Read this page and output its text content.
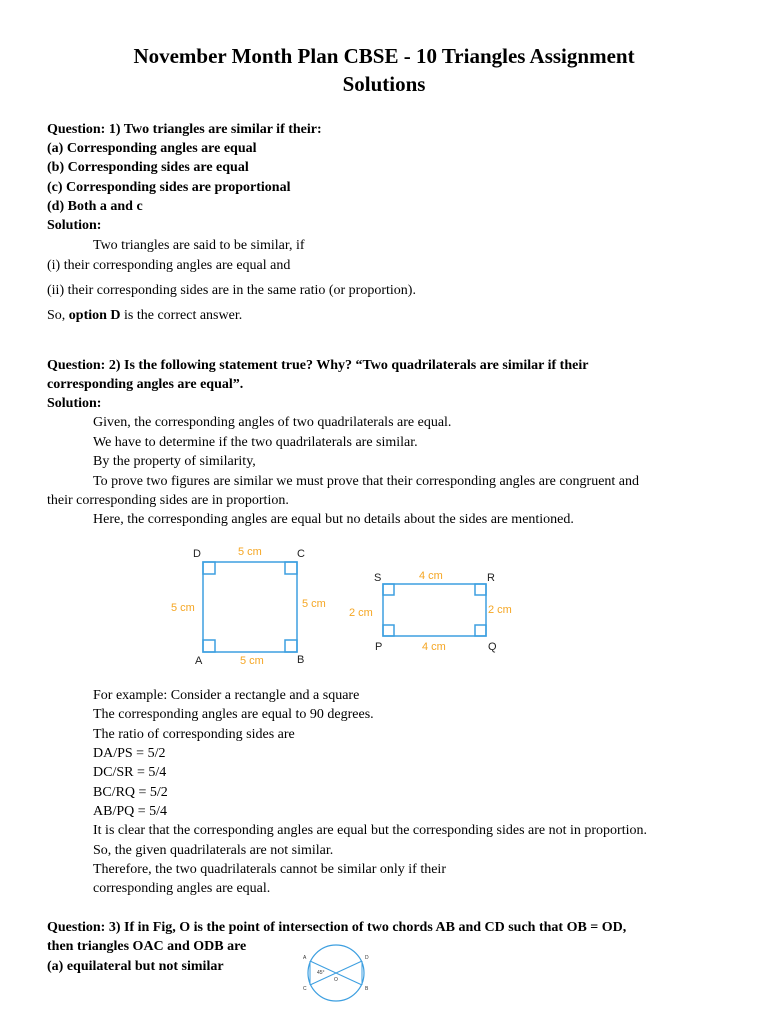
November Month Plan CBSE - 10 Triangles Assignment
Solutions
Question: 1) Two triangles are similar if their:
(a) Corresponding angles are equal
(b) Corresponding sides are equal
(c) Corresponding sides are proportional
(d) Both a and c
Solution:
Two triangles are said to be similar, if
(i) their corresponding angles are equal and
(ii) their corresponding sides are in the same ratio (or proportion).
So, option D is the correct answer.
Question: 2) Is the following statement true? Why? “Two quadrilaterals are similar if their
corresponding angles are equal”.
Solution:
Given, the corresponding angles of two quadrilaterals are equal.
We have to determine if the two quadrilaterals are similar.
By the property of similarity,
To prove two figures are similar we must prove that their corresponding angles are congruent and
their corresponding sides are in proportion.
Here, the corresponding angles are equal but no details about the sides are mentioned.
D	C
A	B
5 cm
5 cm	5 cm
5 cm
S	R
P	Q
4 cm
2 cm	2 cm
4 cm
For example: Consider a rectangle and a square
The corresponding angles are equal to 90 degrees.
The ratio of corresponding sides are
DA/PS = 5/2
DC/SR = 5/4
BC/RQ = 5/2
AB/PQ = 5/4
It is clear that the corresponding angles are equal but the corresponding sides are not in proportion.
So, the given quadrilaterals are not similar.
Therefore, the two quadrilaterals cannot be similar only if their
corresponding angles are equal.
Question: 3) If in Fig, O is the point of intersection of two chords AB and CD such that OB = OD,
then triangles OAC and ODB are
(a) equilateral but not similar
A	D
C	B
O
45°
